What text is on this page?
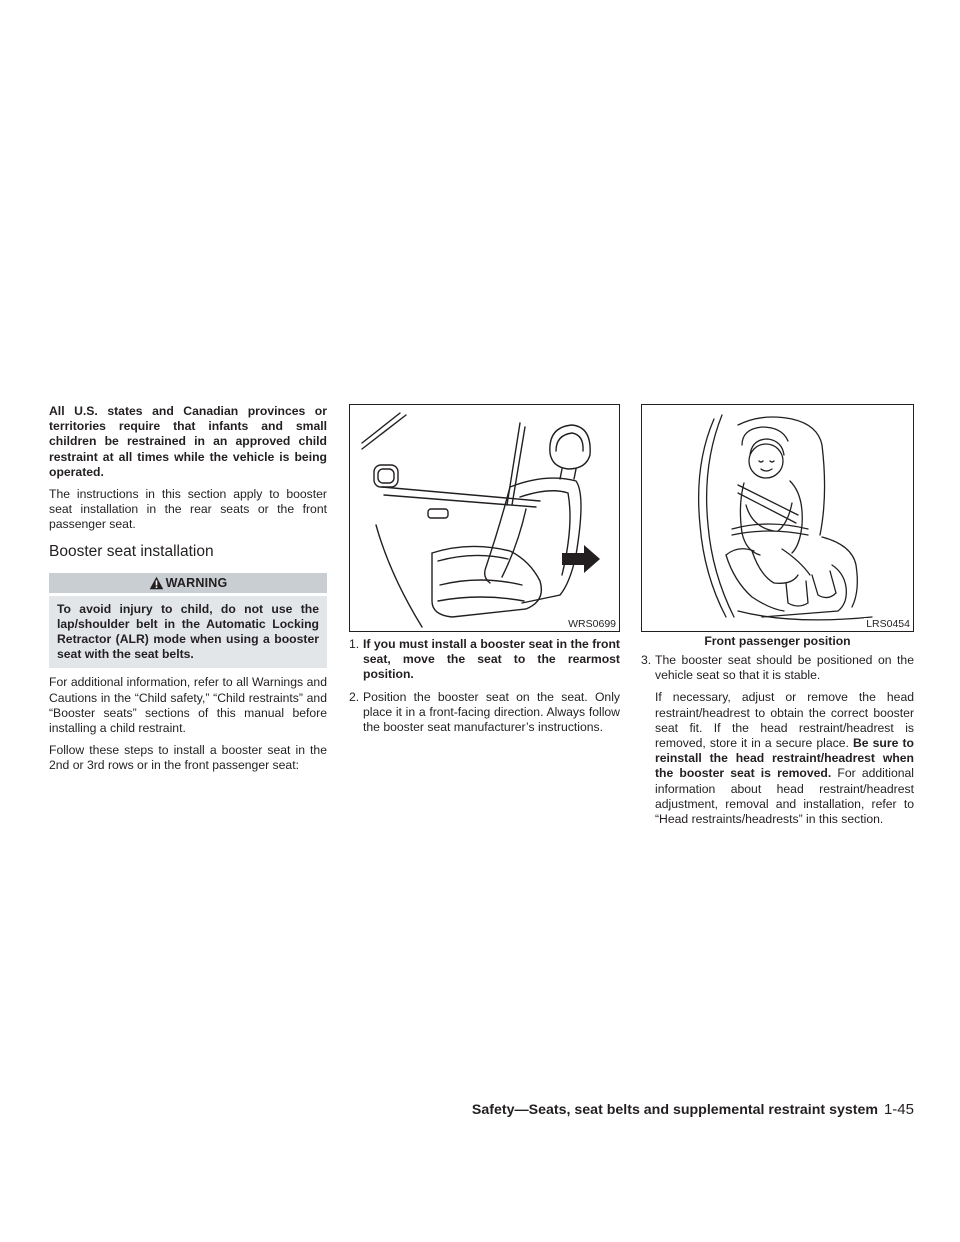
All U.S. states and Canadian provinces or territories require that infants and small children be restrained in an approved child restraint at all times while the vehicle is being operated.

The instructions in this section apply to booster seat installation in the rear seats or the front passenger seat.

Booster seat installation
WARNING
To avoid injury to child, do not use the lap/shoulder belt in the Automatic Locking Retractor (ALR) mode when using a booster seat with the seat belts.

For additional information, refer to all Warnings and Cautions in the “Child safety,” “Child restraints” and “Booster seats” sections of this manual before installing a child restraint.

Follow these steps to install a booster seat in the 2nd or 3rd rows or in the front passenger seat:

WRS0699
1. If you must install a booster seat in the front seat, move the seat to the rearmost position.
2. Position the booster seat on the seat. Only place it in a front-facing direction. Always follow the booster seat manufacturer’s instructions.
LRS0454
Front passenger position
3. The booster seat should be positioned on the vehicle seat so that it is stable.

If necessary, adjust or remove the head restraint/headrest to obtain the correct booster seat fit. If the head restraint/headrest is removed, store it in a secure place. Be sure to reinstall the head restraint/headrest when the booster seat is removed. For additional information about head restraint/headrest adjustment, removal and installation, refer to “Head restraints/headrests” in this section.

Safety—Seats, seat belts and supplemental restraint system 1-45
